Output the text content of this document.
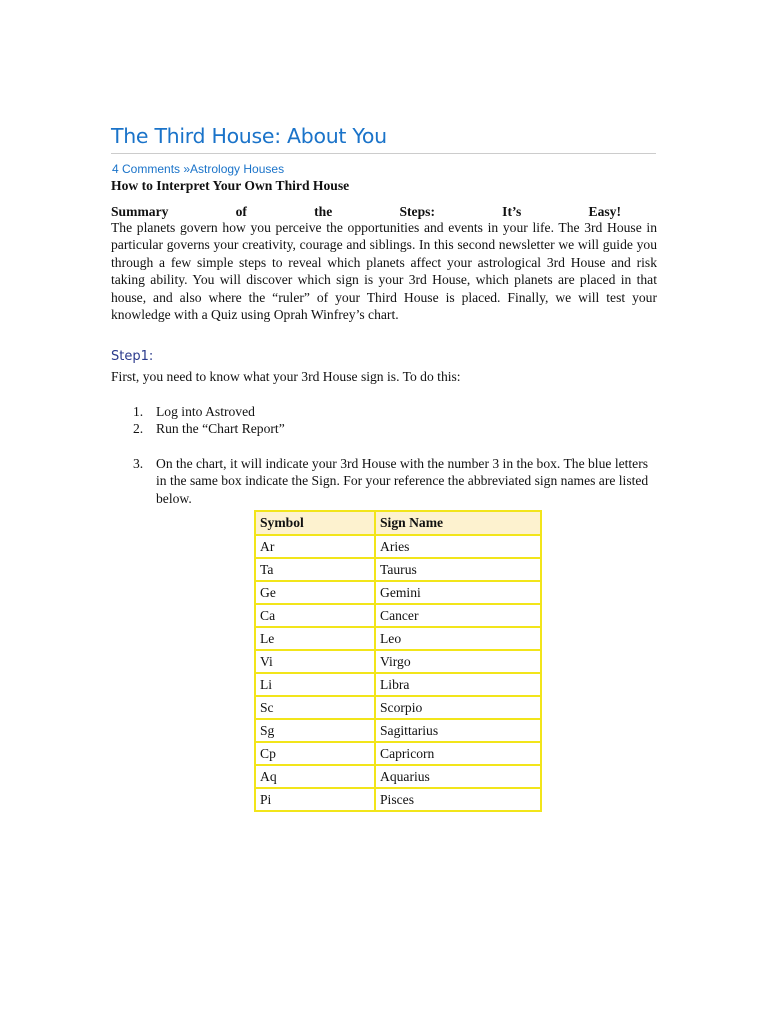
The Third House: About You
4 Comments »Astrology Houses
How to Interpret Your Own Third House
Summary	of	the	Steps:	It’s	Easy!

The planets govern how you perceive the opportunities and events in your life. The 3rd House in particular governs your creativity, courage and siblings. In this second newsletter we will guide you through a few simple steps to reveal which planets affect your astrological 3rd House and risk taking ability. You will discover which sign is your 3rd House, which planets are placed in that house, and also where the “ruler” of your Third House is placed. Finally, we will test your knowledge with a Quiz using Oprah Winfrey’s chart.

Step1:
First, you need to know what your 3rd House sign is. To do this:
1. Log into Astroved
2. Run the “Chart Report”
3. On the chart, it will indicate your 3rd House with the number 3 in the box. The blue letters in the same box indicate the Sign. For your reference the abbreviated sign names are listed below.
Symbol	Sign Name
Ar	Aries
Ta	Taurus
Ge	Gemini
Ca	Cancer
Le	Leo
Vi	Virgo
Li	Libra
Sc	Scorpio
Sg	Sagittarius
Cp	Capricorn
Aq	Aquarius
Pi	Pisces
